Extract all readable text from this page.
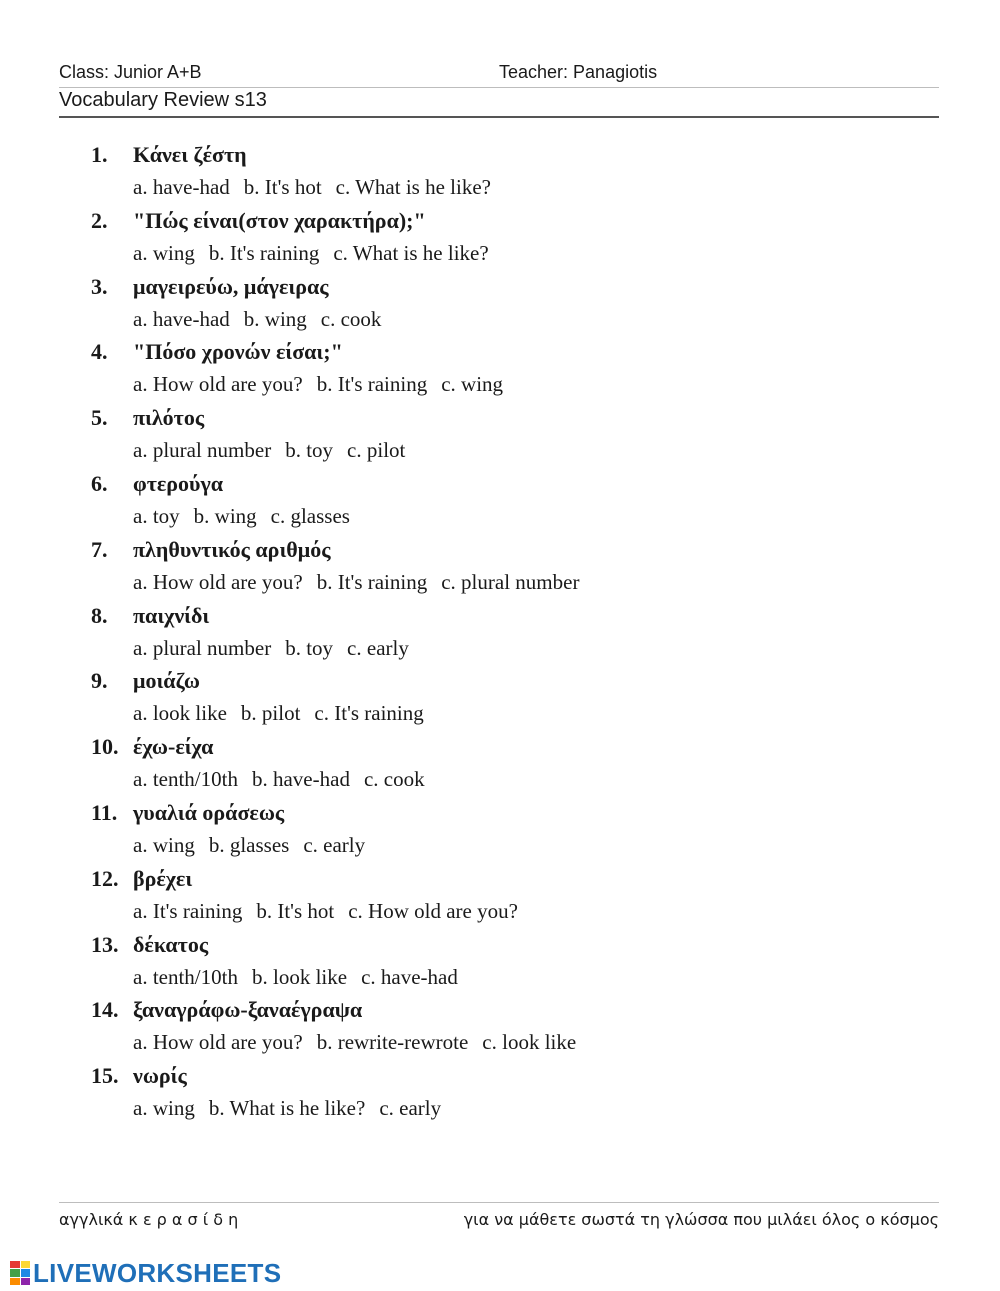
Class: Junior A+B	Teacher: Panagiotis
Vocabulary Review s13
1. Κάνει ζέστη
a. have-had b. It's hot c. What is he like?
2. "Πώς είναι(στον χαρακτήρα);"
a. wing b. It's raining c. What is he like?
3. μαγειρεύω, μάγειρας
a. have-had b. wing c. cook
4. "Πόσο χρονών είσαι;"
a. How old are you? b. It's raining c. wing
5. πιλότος
a. plural number b. toy c. pilot
6. φτερούγα
a. toy b. wing c. glasses
7. πληθυντικός αριθμός
a. How old are you? b. It's raining c. plural number
8. παιχνίδι
a. plural number b. toy c. early
9. μοιάζω
a. look like b. pilot c. It's raining
10. έχω-είχα
a. tenth/10th b. have-had c. cook
11. γυαλιά οράσεως
a. wing b. glasses c. early
12. βρέχει
a. It's raining b. It's hot c. How old are you?
13. δέκατος
a. tenth/10th b. look like c. have-had
14. ξαναγράφω-ξαναέγραψα
a. How old are you? b. rewrite-rewrote c. look like
15. νωρίς
a. wing b. What is he like? c. early
αγγλικά κ ε ρ α σ ί δ η	για να μάθετε σωστά τη γλώσσα που μιλάει όλος ο κόσμος
LIVEWORKSHEETS
